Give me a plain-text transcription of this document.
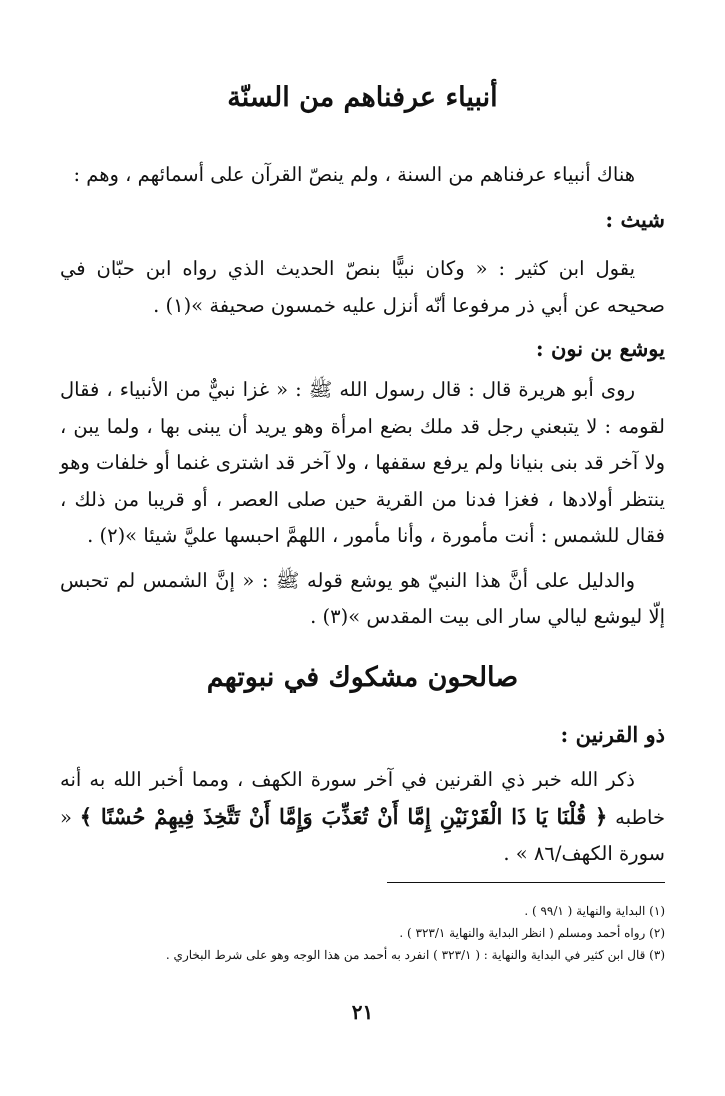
أنبياء عرفناهم من السنّة

هناك أنبياء عرفناهم من السنة ، ولم ينصّ القرآن على أسمائهم ، وهم :

شيث :

يقول ابن كثير : « وكان نبيًّا بنصّ الحديث الذي رواه ابن حبّان في صحيحه عن أبي ذر مرفوعا أنّه أنزل عليه خمسون صحيفة »(١) .

يوشع بن نون :

روى أبو هريرة قال : قال رسول الله ﷺ : « غزا نبيٌّ من الأنبياء ، فقال لقومه : لا يتبعني رجل قد ملك بضع امرأة وهو يريد أن يبنى بها ، ولما يبن ، ولا آخر قد بنى بنيانا ولم يرفع سقفها ، ولا آخر قد اشترى غنما أو خلفات وهو ينتظر أولادها ، فغزا فدنا من القرية حين صلى العصر ، أو قريبا من ذلك ، فقال للشمس : أنت مأمورة ، وأنا مأمور ، اللهمَّ احبسها عليَّ شيئا »(٢) .

والدليل على أنَّ هذا النبيّ هو يوشع قوله ﷺ : « إنَّ الشمس لم تحبس إلّا ليوشع ليالي سار الى بيت المقدس »(٣) .

صالحون مشكوك في نبوتهم
ذو القرنين :

ذكر الله خبر ذي القرنين في آخر سورة الكهف ، ومما أخبر الله به أنه خاطبه ﴿ قُلْنَا يَا ذَا الْقَرْنَيْنِ إِمَّا أَنْ تُعَذِّبَ وَإِمَّا أَنْ تَتَّخِذَ فِيهِمْ حُسْنًا ﴾ « سورة الكهف/٨٦ » .

(١) البداية والنهاية ( ٩٩/١ ) .
(٢) رواه أحمد ومسلم ( انظر البداية والنهاية ٣٢٣/١ ) .
(٣) قال ابن كثير في البداية والنهاية : ( ٣٢٣/١ ) انفرد به أحمد من هذا الوجه وهو على شرط البخاري .
٢١
